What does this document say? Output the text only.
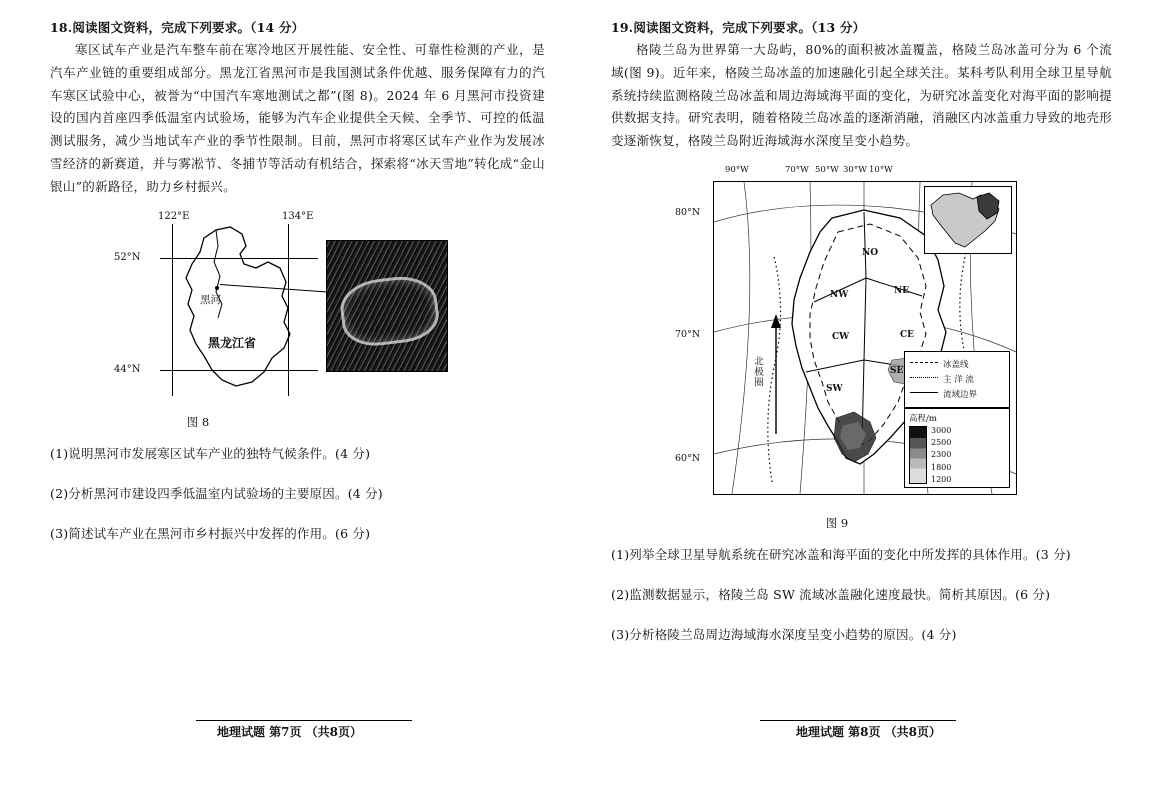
18.阅读图文资料，完成下列要求。（14 分）

寒区试车产业是汽车整车前在寒冷地区开展性能、安全性、可靠性检测的产业，是汽车产业链的重要组成部分。黑龙江省黑河市是我国测试条件优越、服务保障有力的汽车寒区试验中心，被誉为“中国汽车寒地测试之都”(图 8)。2024 年 6 月黑河市投资建设的国内首座四季低温室内试验场，能够为汽车企业提供全天候、全季节、可控的低温测试服务，减少当地试车产业的季节性限制。目前，黑河市将寒区试车产业作为发展冰雪经济的新赛道，并与雾凇节、冬捕节等活动有机结合，探索将“冰天雪地”转化成“金山银山”的新路径，助力乡村振兴。

122°E	134°E
52°N
44°N
黑河
黑龙江省
图 8

(1)说明黑河市发展寒区试车产业的独特气候条件。(4 分)

(2)分析黑河市建设四季低温室内试验场的主要原因。(4 分)

(3)简述试车产业在黑河市乡村振兴中发挥的作用。(6 分)

地理试题 第7页 （共8页）
19.阅读图文资料，完成下列要求。（13 分）

格陵兰岛为世界第一大岛屿，80%的面积被冰盖覆盖，格陵兰岛冰盖可分为 6 个流域(图 9)。近年来，格陵兰岛冰盖的加速融化引起全球关注。某科考队利用全球卫星导航系统持续监测格陵兰岛冰盖和周边海域海平面的变化，为研究冰盖变化对海平面的影响提供数据支持。研究表明，随着格陵兰岛冰盖的逐渐消融，消融区内冰盖重力导致的地壳形变逐渐恢复，格陵兰岛附近海域海水深度呈变小趋势。

80°N
70°N
60°N
90°W	70°W 50°W 30°W 10°W
NO
NW	NE
CW	CE
SE
SW
北极圈	冰盖线
主 洋 流
流域边界
高程/m
3000
2500
2300
1800
1200
图 9

(1)列举全球卫星导航系统在研究冰盖和海平面的变化中所发挥的具体作用。(3 分)

(2)监测数据显示，格陵兰岛 SW 流域冰盖融化速度最快。简析其原因。(6 分)

(3)分析格陵兰岛周边海域海水深度呈变小趋势的原因。(4 分)

地理试题 第8页 （共8页）
